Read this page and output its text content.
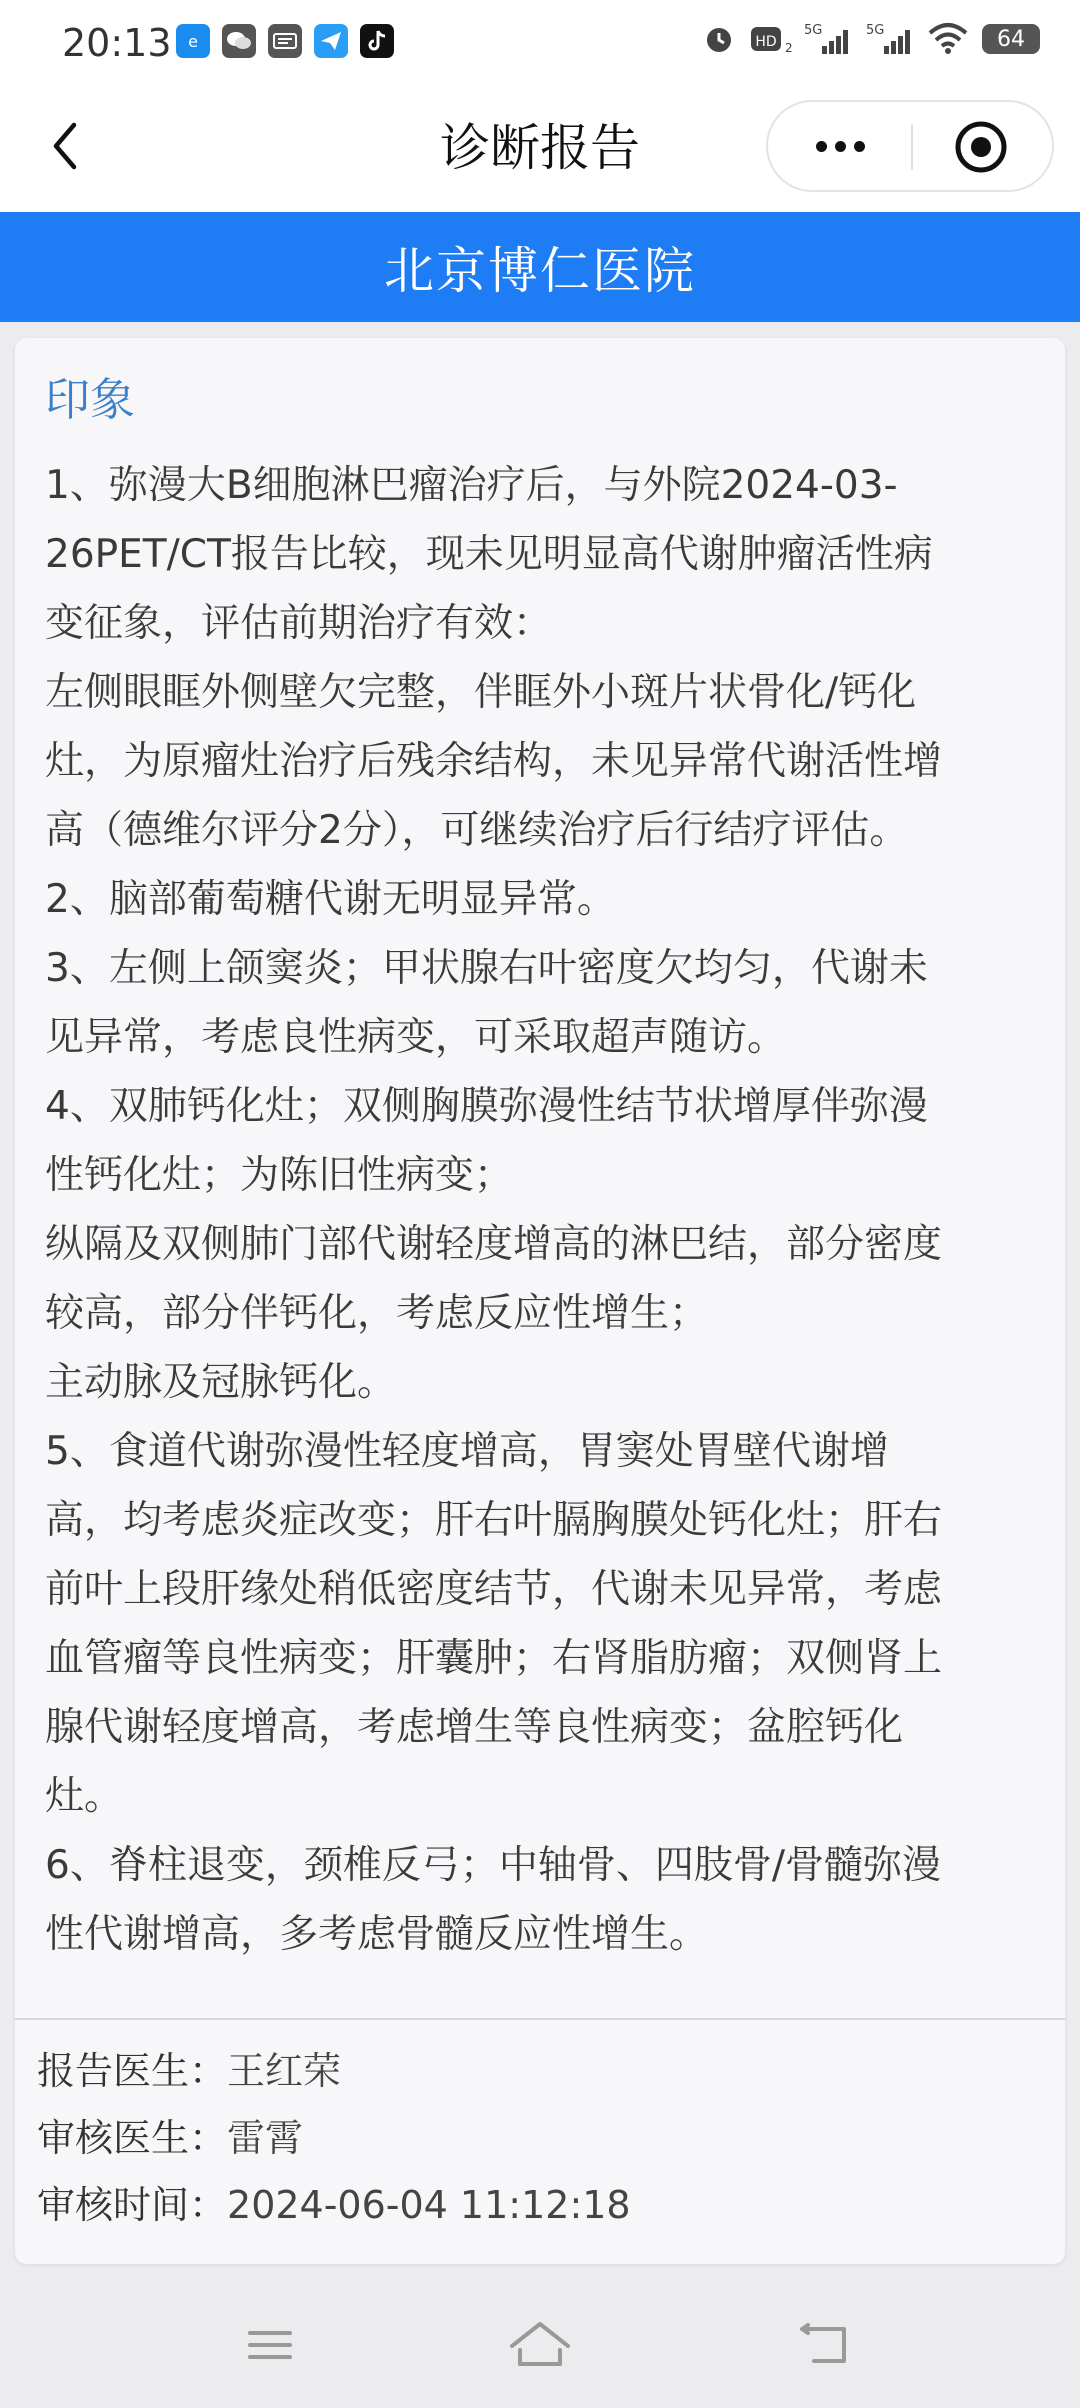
20:13	e	HD 2
5G	5G	64
诊断报告
北京博仁医院
印象
1、弥漫大B细胞淋巴瘤治疗后，与外院2024-03-
26PET/CT报告比较，现未见明显高代谢肿瘤活性病
变征象，评估前期治疗有效：
左侧眼眶外侧壁欠完整，伴眶外小斑片状骨化/钙化
灶，为原瘤灶治疗后残余结构，未见异常代谢活性增
高（德维尔评分2分），可继续治疗后行结疗评估。
2、脑部葡萄糖代谢无明显异常。
3、左侧上颌窦炎；甲状腺右叶密度欠均匀，代谢未
见异常，考虑良性病变，可采取超声随访。
4、双肺钙化灶；双侧胸膜弥漫性结节状增厚伴弥漫
性钙化灶；为陈旧性病变；
纵隔及双侧肺门部代谢轻度增高的淋巴结，部分密度
较高，部分伴钙化，考虑反应性增生；
主动脉及冠脉钙化。
5、食道代谢弥漫性轻度增高，胃窦处胃壁代谢增
高，均考虑炎症改变；肝右叶膈胸膜处钙化灶；肝右
前叶上段肝缘处稍低密度结节，代谢未见异常，考虑
血管瘤等良性病变；肝囊肿；右肾脂肪瘤；双侧肾上
腺代谢轻度增高，考虑增生等良性病变；盆腔钙化
灶。
6、脊柱退变，颈椎反弓；中轴骨、四肢骨/骨髓弥漫
性代谢增高，多考虑骨髓反应性增生。
报告医生： 王红荣
审核医生： 雷霄
审核时间： 2024-06-04 11:12:18
